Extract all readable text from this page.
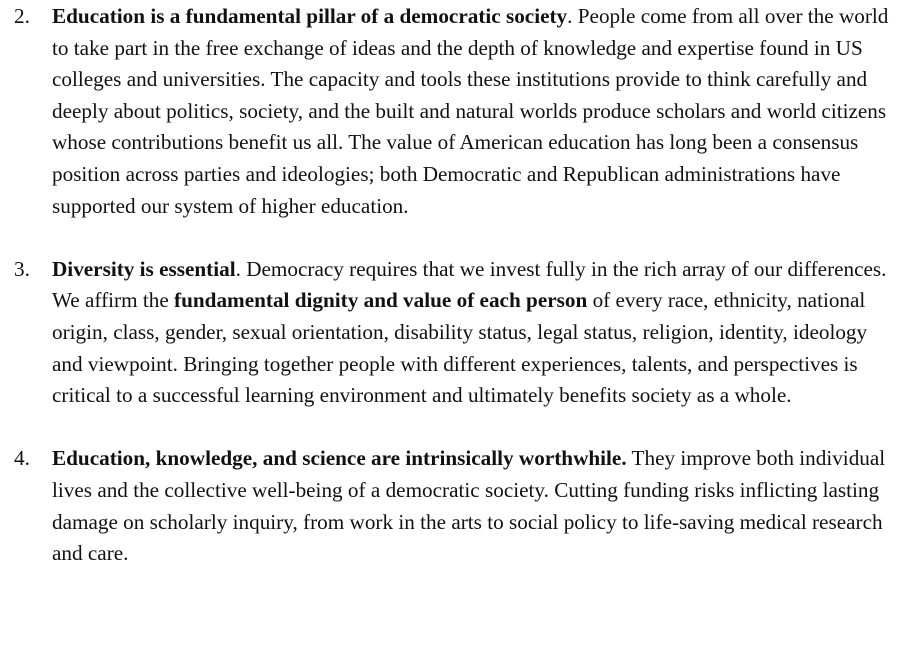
2. Education is a fundamental pillar of a democratic society. People come from all over the world to take part in the free exchange of ideas and the depth of knowledge and expertise found in US colleges and universities. The capacity and tools these institutions provide to think carefully and deeply about politics, society, and the built and natural worlds produce scholars and world citizens whose contributions benefit us all. The value of American education has long been a consensus position across parties and ideologies; both Democratic and Republican administrations have supported our system of higher education.
3. Diversity is essential. Democracy requires that we invest fully in the rich array of our differences. We affirm the fundamental dignity and value of each person of every race, ethnicity, national origin, class, gender, sexual orientation, disability status, legal status, religion, identity, ideology and viewpoint. Bringing together people with different experiences, talents, and perspectives is critical to a successful learning environment and ultimately benefits society as a whole.
4. Education, knowledge, and science are intrinsically worthwhile. They improve both individual lives and the collective well-being of a democratic society. Cutting funding risks inflicting lasting damage on scholarly inquiry, from work in the arts to social policy to life-saving medical research and care.
